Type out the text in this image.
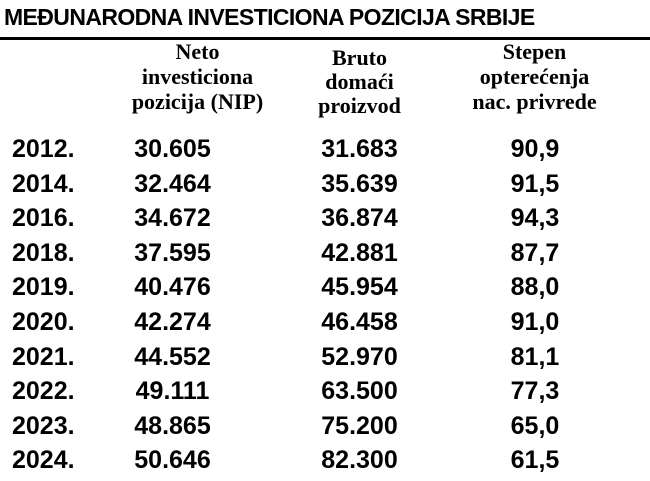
MEĐUNARODNA INVESTICIONA POZICIJA SRBIJE
Neto
investiciona
pozicija (NIP)
Bruto
domaći
proizvod
Stepen
opterećenja
nac. privrede
2012.	30.605	31.683	90,9
2014.	32.464	35.639	91,5
2016.	34.672	36.874	94,3
2018.	37.595	42.881	87,7
2019.	40.476	45.954	88,0
2020.	42.274	46.458	91,0
2021.	44.552	52.970	81,1
2022.	49.111	63.500	77,3
2023.	48.865	75.200	65,0
2024.	50.646	82.300	61,5
